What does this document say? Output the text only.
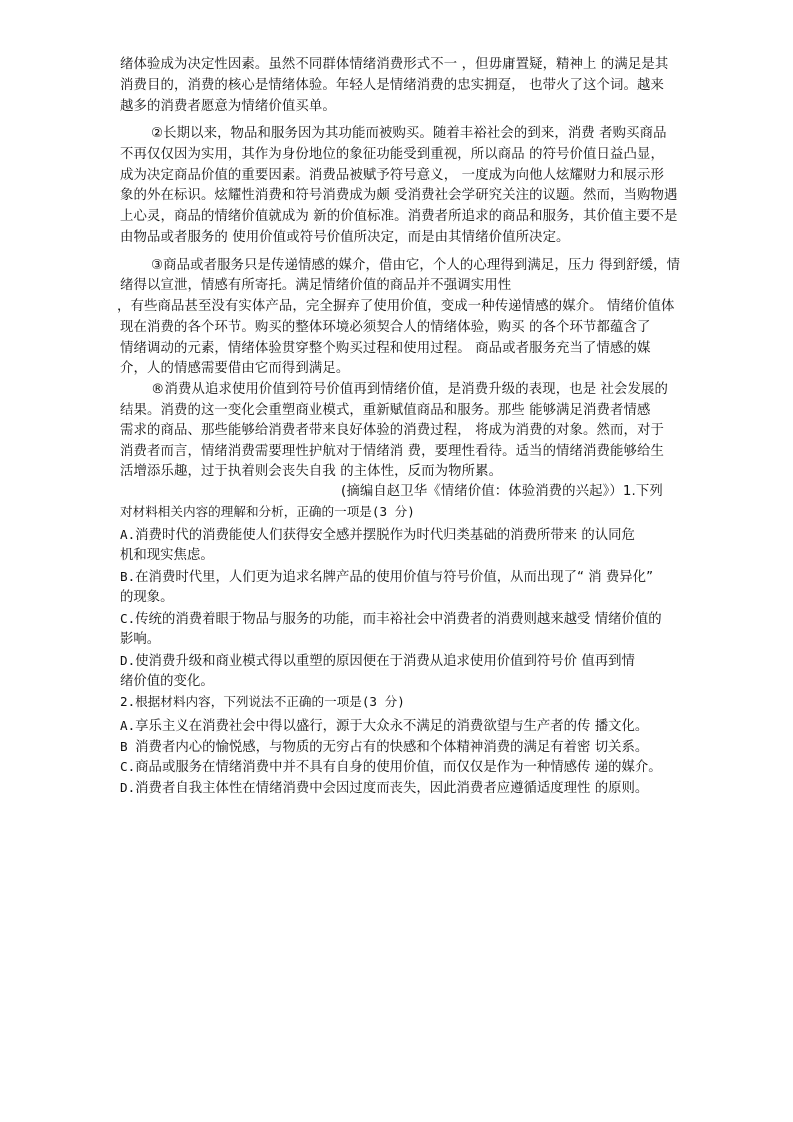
绪体验成为决定性因素。虽然不同群体情绪消费形式不一 ，但毋庸置疑，精神上 的满足是其
消费目的，消费的核心是情绪体验。年轻人是情绪消费的忠实拥趸， 也带火了这个词。越来
越多的消费者愿意为情绪价值买单。
②长期以来，物品和服务因为其功能而被购买。随着丰裕社会的到来，消费 者购买商品
不再仅仅因为实用，其作为身份地位的象征功能受到重视，所以商品 的符号价值日益凸显，
成为决定商品价值的重要因素。消费品被赋予符号意义， 一度成为向他人炫耀财力和展示形
象的外在标识。炫耀性消费和符号消费成为颇 受消费社会学研究关注的议题。然而，当购物遇
上心灵，商品的情绪价值就成为 新的价值标准。消费者所追求的商品和服务，其价值主要不是
由物品或者服务的 使用价值或符号价值所决定，而是由其情绪价值所决定。
③商品或者服务只是传递情感的媒介，借由它，个人的心理得到满足，压力 得到舒缓，情
绪得以宣泄，情感有所寄托。满足情绪价值的商品并不强调实用性
，有些商品甚至没有实体产品，完全摒弃了使用价值，变成一种传递情感的媒介。 情绪价值体
现在消费的各个环节。购买的整体环境必须契合人的情绪体验，购买 的各个环节都蕴含了
情绪调动的元素，情绪体验贯穿整个购买过程和使用过程。 商品或者服务充当了情感的媒
介，人的情感需要借由它而得到满足。
®消费从追求使用价值到符号价值再到情绪价值，是消费升级的表现，也是 社会发展的
结果。消费的这一变化会重塑商业模式，重新赋值商品和服务。那些 能够满足消费者情感
需求的商品、那些能够给消费者带来良好体验的消费过程， 将成为消费的对象。然而，对于
消费者而言，情绪消费需要理性护航对于情绪消 费，要理性看待。适当的情绪消费能够给生
活增添乐趣，过于执着则会丧失自我 的主体性，反而为物所累。
(摘编自赵卫华《情绪价值：体验消费的兴起》）1.下列
对材料相关内容的理解和分析，正确的一项是(3 分)
A.消费时代的消费能使人们获得安全感并摆脱作为时代归类基础的消费所带来 的认同危
机和现实焦虑。
B.在消费时代里，人们更为追求名牌产品的使用价值与符号价值，从而出现了“ 消 费异化”
的现象。
C.传统的消费着眼于物品与服务的功能，而丰裕社会中消费者的消费则越来越受 情绪价值的
影响。
D.使消费升级和商业模式得以重塑的原因便在于消费从追求使用价值到符号价 值再到情
绪价值的变化。
2.根据材料内容，下列说法不正确的一项是(3 分)
A.享乐主义在消费社会中得以盛行，源于大众永不满足的消费欲望与生产者的传 播文化。
B 消费者内心的愉悦感，与物质的无穷占有的快感和个体精神消费的满足有着密 切关系。
C.商品或服务在情绪消费中并不具有自身的使用价值，而仅仅是作为一种情感传 递的媒介。
D.消费者自我主体性在情绪消费中会因过度而丧失，因此消费者应遵循适度理性 的原则。
